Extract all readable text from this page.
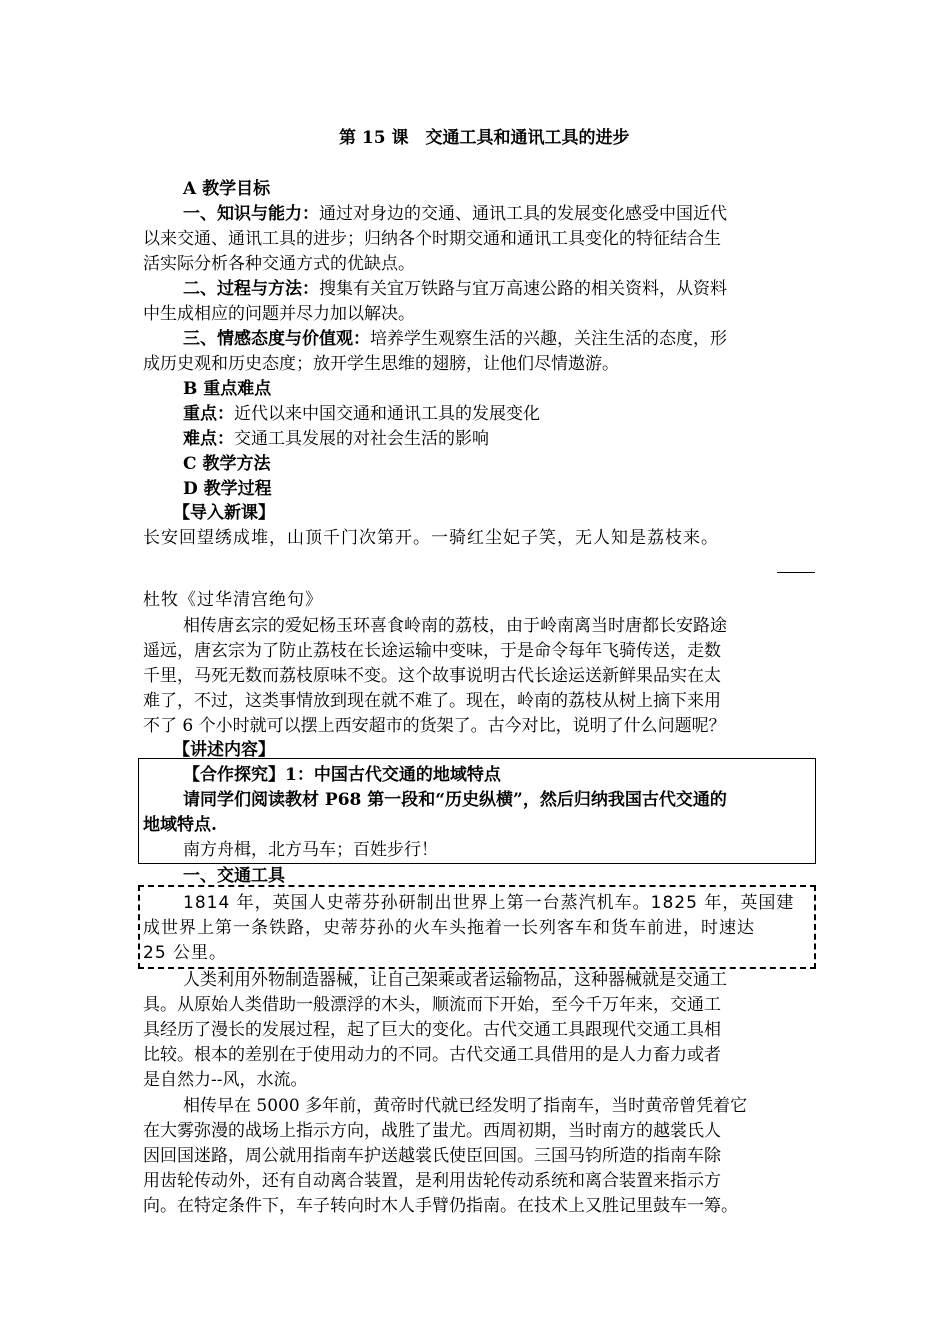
第 15 课　交通工具和通讯工具的进步
A 教学目标
一、知识与能力：通过对身边的交通、通讯工具的发展变化感受中国近代
以来交通、通讯工具的进步；归纳各个时期交通和通讯工具变化的特征结合生
活实际分析各种交通方式的优缺点。
二、过程与方法：搜集有关宜万铁路与宜万高速公路的相关资料，从资料
中生成相应的问题并尽力加以解决。
三、情感态度与价值观：培养学生观察生活的兴趣，关注生活的态度，形
成历史观和历史态度；放开学生思维的翅膀，让他们尽情遨游。
B 重点难点
重点：近代以来中国交通和通讯工具的发展变化
难点：交通工具发展的对社会生活的影响
C 教学方法
D 教学过程
【导入新课】
长安回望绣成堆，山顶千门次第开。一骑红尘妃子笑，无人知是荔枝来。
杜牧《过华清宫绝句》
相传唐玄宗的爱妃杨玉环喜食岭南的荔枝，由于岭南离当时唐都长安路途
遥远，唐玄宗为了防止荔枝在长途运输中变味，于是命令每年飞骑传送，走数
千里，马死无数而荔枝原味不变。这个故事说明古代长途运送新鲜果品实在太
难了，不过，这类事情放到现在就不难了。现在，岭南的荔枝从树上摘下来用
不了 6 个小时就可以摆上西安超市的货架了。古今对比，说明了什么问题呢？
【讲述内容】
【合作探究】1：中国古代交通的地域特点
请同学们阅读教材 P68 第一段和“历史纵横”，然后归纳我国古代交通的
地域特点.
南方舟楫，北方马车；百姓步行！
一、交通工具
1814 年，英国人史蒂芬孙研制出世界上第一台蒸汽机车。1825 年，英国建
成世界上第一条铁路，史蒂芬孙的火车头拖着一长列客车和货车前进，时速达
25 公里。
人类利用外物制造器械，让自己架乘或者运输物品，这种器械就是交通工
具。从原始人类借助一般漂浮的木头，顺流而下开始，至今千万年来，交通工
具经历了漫长的发展过程，起了巨大的变化。古代交通工具跟现代交通工具相
比较。根本的差别在于使用动力的不同。古代交通工具借用的是人力畜力或者
是自然力--风，水流。
相传早在 5000 多年前，黄帝时代就已经发明了指南车，当时黄帝曾凭着它
在大雾弥漫的战场上指示方向，战胜了蚩尤。西周初期，当时南方的越裳氏人
因回国迷路，周公就用指南车护送越裳氏使臣回国。三国马钧所造的指南车除
用齿轮传动外，还有自动离合装置，是利用齿轮传动系统和离合装置来指示方
向。在特定条件下，车子转向时木人手臂仍指南。在技术上又胜记里鼓车一筹。
